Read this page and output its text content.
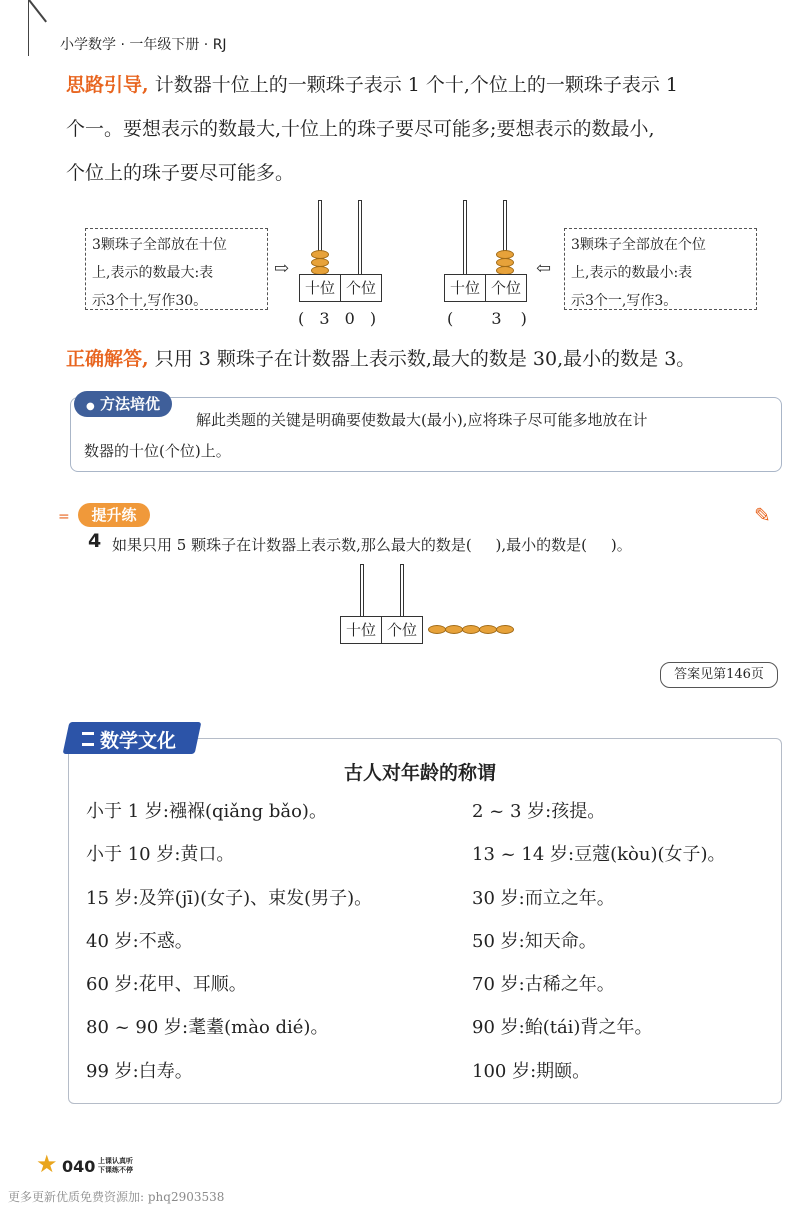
小学数学 · 一年级下册 · RJ
思路引导, 计数器十位上的一颗珠子表示 1 个十,个位上的一颗珠子表示 1
个一。要想表示的数最大,十位上的珠子要尽可能多;要想表示的数最小,
个位上的珠子要尽可能多。
3颗珠子全部放在十位
上,表示的数最大:表
示3个十,写作30。
⇨
十位 个位
( 3 0 )
十位 个位
(  3 )
⇦
3颗珠子全部放在个位
上,表示的数最小:表
示3个一,写作3。
正确解答, 只用 3 颗珠子在计数器上表示数,最大的数是 30,最小的数是 3。
● 方法培优
解此类题的关键是明确要使数最大(最小),应将珠子尽可能多地放在计
数器的十位(个位)上。
=	提升练	✎
4 如果只用 5 颗珠子在计数器上表示数,那么最大的数是(     ),最小的数是(     )。
十位 个位
答案见第146页
数学文化
古人对年龄的称谓
小于 1 岁:襁褓(qiǎng bǎo)。	2 ~ 3 岁:孩提。
小于 10 岁:黄口。	13 ~ 14 岁:豆蔻(kòu)(女子)。
15 岁:及笄(jī)(女子)、束发(男子)。	30 岁:而立之年。
40 岁:不惑。	50 岁:知天命。
60 岁:花甲、耳顺。	70 岁:古稀之年。
80 ~ 90 岁:耄耋(mào dié)。	90 岁:鲐(tái)背之年。
99 岁:白寿。	100 岁:期颐。
★ 040 上课认真听
下课练不停
更多更新优质免费资源加: phq2903538
